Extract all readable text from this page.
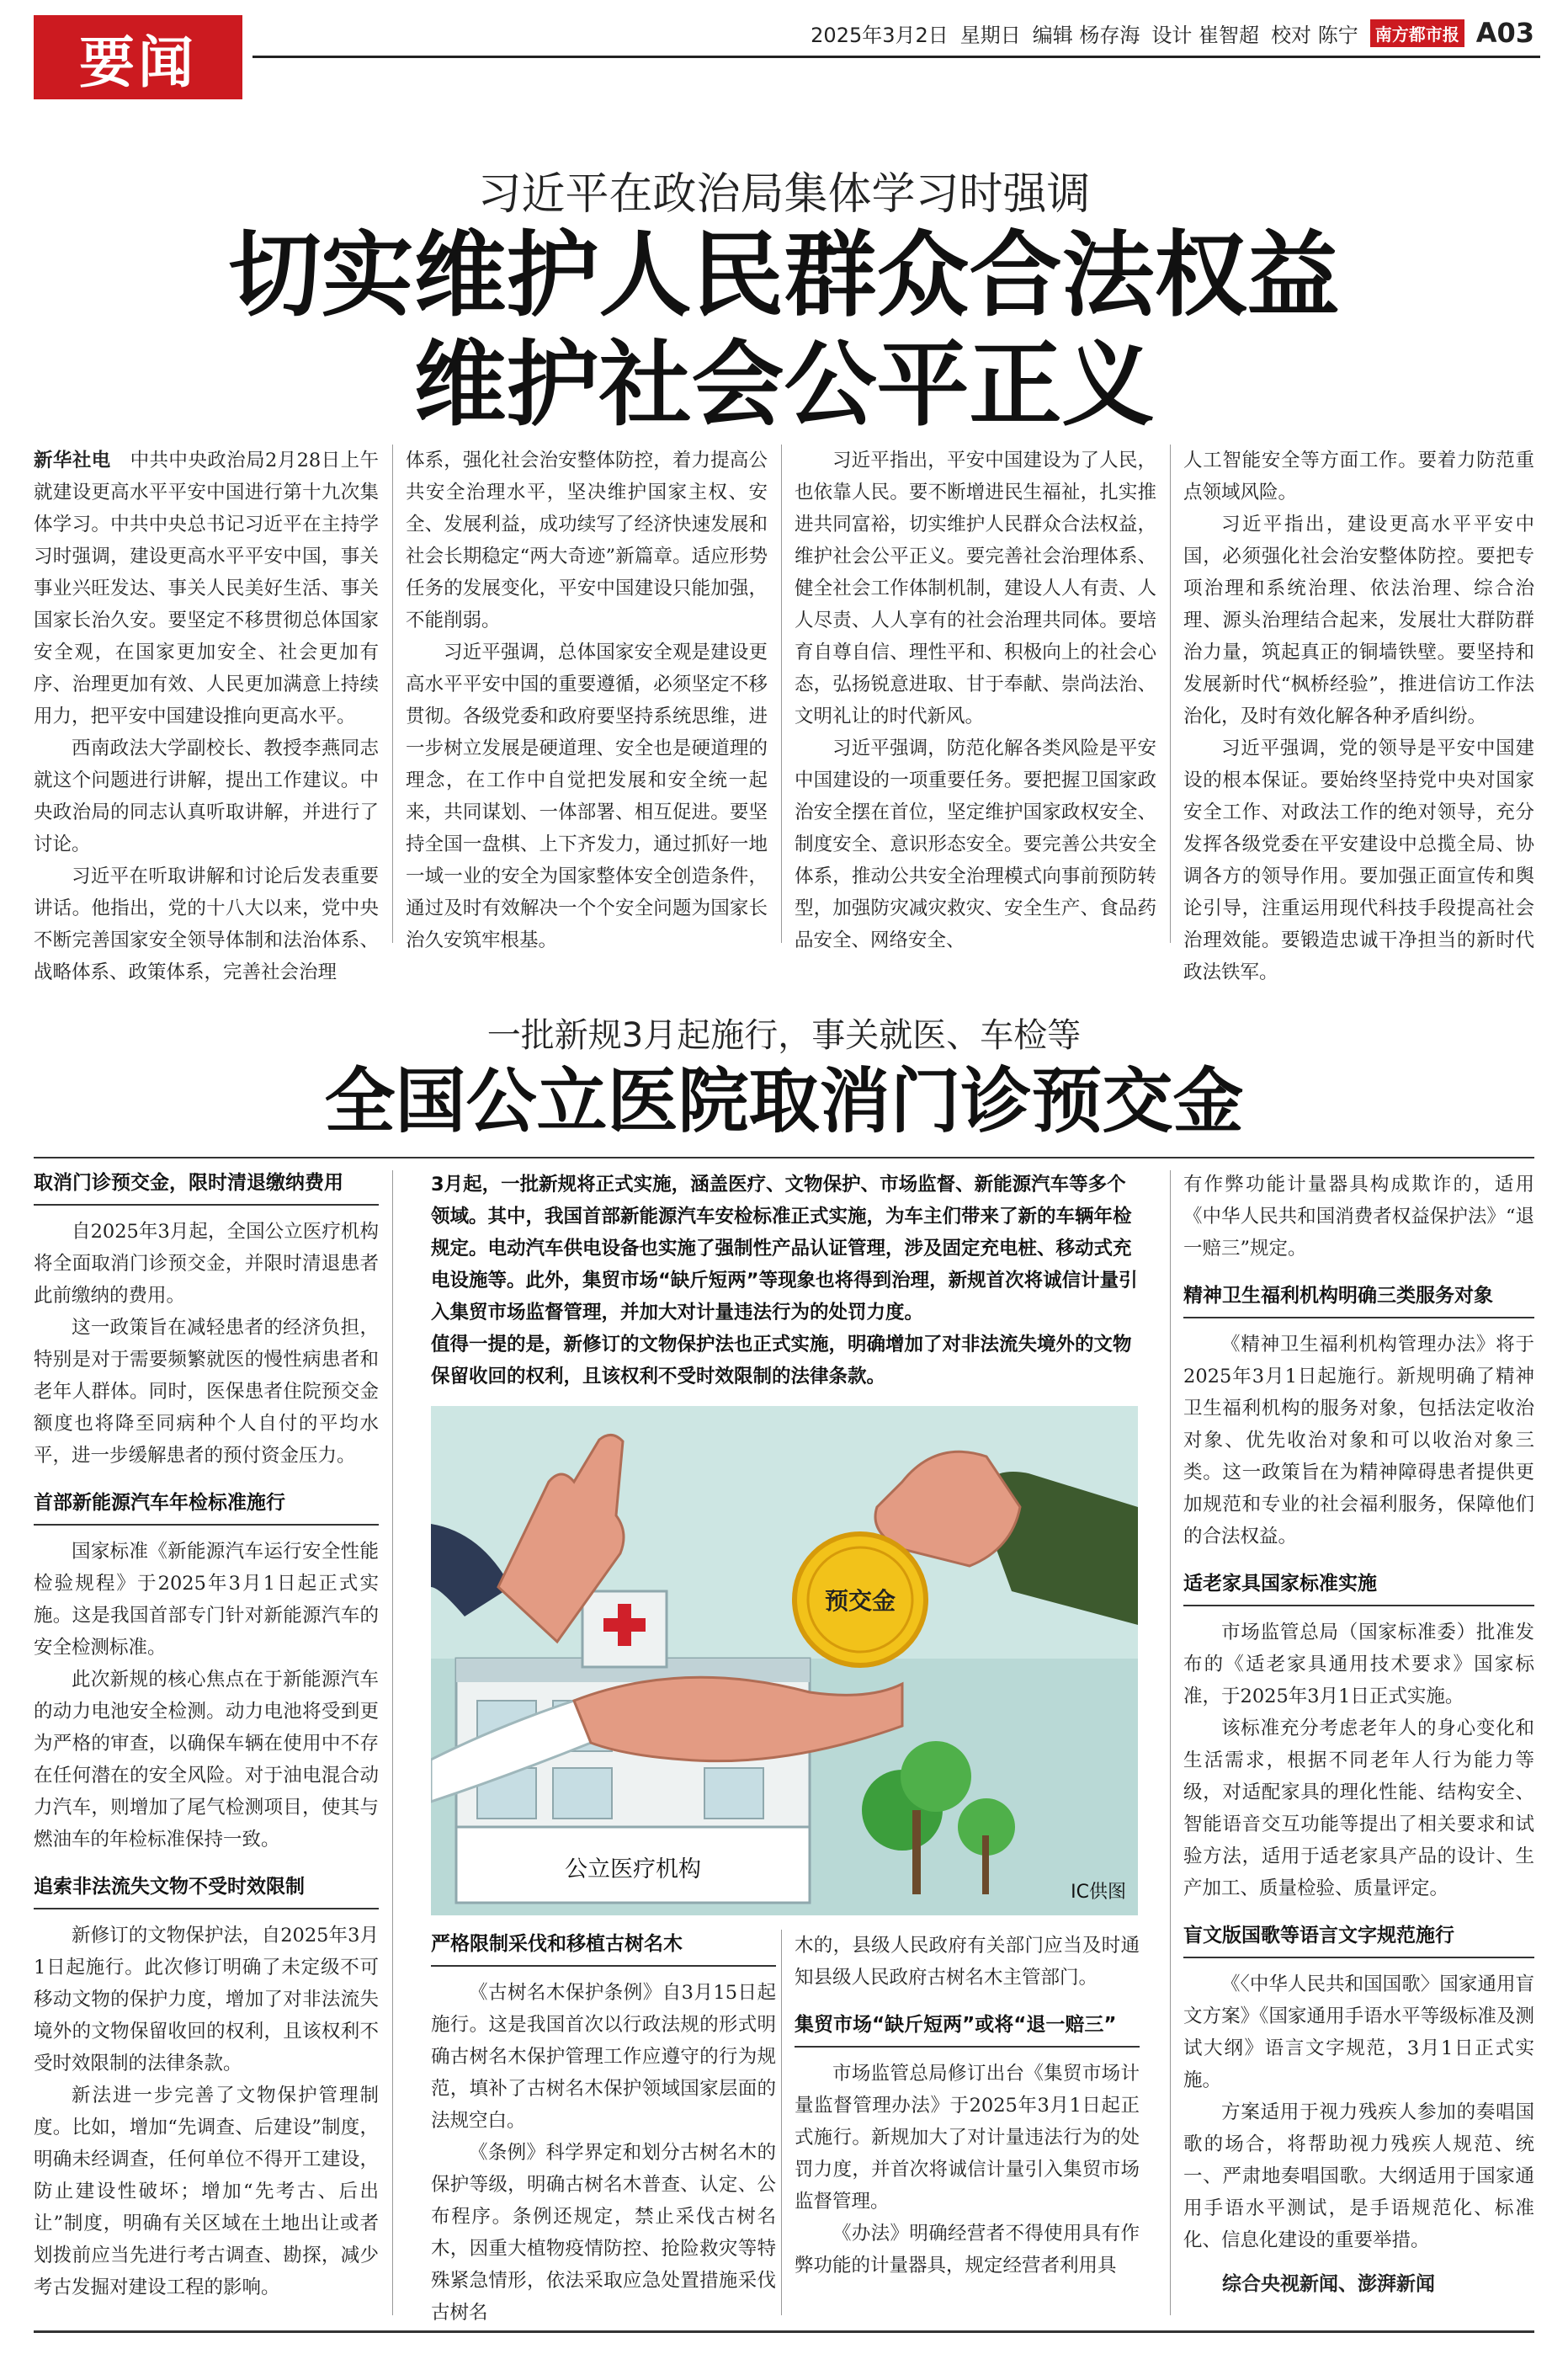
要闻	2025年3月2日 星期日 编辑 杨存海 设计 崔智超 校对 陈宁	南方都市报 A03
习近平在政治局集体学习时强调
切实维护人民群众合法权益
维护社会公平正义

新华社电　 中共中央政治局2月28日上午就建设更高水平平安中国进行第十九次集体学习。中共中央总书记习近平在主持学习时强调，建设更高水平平安中国，事关事业兴旺发达、事关人民美好生活、事关国家长治久安。要坚定不移贯彻总体国家安全观，在国家更加安全、社会更加有序、治理更加有效、人民更加满意上持续用力，把平安中国建设推向更高水平。

西南政法大学副校长、教授李燕同志就这个问题进行讲解，提出工作建议。中央政治局的同志认真听取讲解，并进行了讨论。

习近平在听取讲解和讨论后发表重要讲话。他指出，党的十八大以来，党中央不断完善国家安全领导体制和法治体系、战略体系、政策体系，完善社会治理

体系，强化社会治安整体防控，着力提高公共安全治理水平，坚决维护国家主权、安全、发展利益，成功续写了经济快速发展和社会长期稳定“两大奇迹”新篇章。适应形势任务的发展变化，平安中国建设只能加强，不能削弱。

习近平强调，总体国家安全观是建设更高水平平安中国的重要遵循，必须坚定不移贯彻。各级党委和政府要坚持系统思维，进一步树立发展是硬道理、安全也是硬道理的理念，在工作中自觉把发展和安全统一起来，共同谋划、一体部署、相互促进。要坚持全国一盘棋、上下齐发力，通过抓好一地一域一业的安全为国家整体安全创造条件，通过及时有效解决一个个安全问题为国家长治久安筑牢根基。

习近平指出，平安中国建设为了人民，也依靠人民。要不断增进民生福祉，扎实推进共同富裕，切实维护人民群众合法权益，维护社会公平正义。要完善社会治理体系、健全社会工作体制机制，建设人人有责、人人尽责、人人享有的社会治理共同体。要培育自尊自信、理性平和、积极向上的社会心态，弘扬锐意进取、甘于奉献、崇尚法治、文明礼让的时代新风。

习近平强调，防范化解各类风险是平安中国建设的一项重要任务。要把握卫国家政治安全摆在首位，坚定维护国家政权安全、制度安全、意识形态安全。要完善公共安全体系，推动公共安全治理模式向事前预防转型，加强防灾减灾救灾、安全生产、食品药品安全、网络安全、

人工智能安全等方面工作。要着力防范重点领域风险。

习近平指出，建设更高水平平安中国，必须强化社会治安整体防控。要把专项治理和系统治理、依法治理、综合治理、源头治理结合起来，发展壮大群防群治力量，筑起真正的铜墙铁壁。要坚持和发展新时代“枫桥经验”，推进信访工作法治化，及时有效化解各种矛盾纠纷。

习近平强调，党的领导是平安中国建设的根本保证。要始终坚持党中央对国家安全工作、对政法工作的绝对领导，充分发挥各级党委在平安建设中总揽全局、协调各方的领导作用。要加强正面宣传和舆论引导，注重运用现代科技手段提高社会治理效能。要锻造忠诚干净担当的新时代政法铁军。

一批新规3月起施行，事关就医、车检等
全国公立医院取消门诊预交金
取消门诊预交金，限时清退缴纳费用

自2025年3月起，全国公立医疗机构将全面取消门诊预交金，并限时清退患者此前缴纳的费用。

这一政策旨在减轻患者的经济负担，特别是对于需要频繁就医的慢性病患者和老年人群体。同时，医保患者住院预交金额度也将降至同病种个人自付的平均水平，进一步缓解患者的预付资金压力。

首部新能源汽车年检标准施行

国家标准《新能源汽车运行安全性能检验规程》于2025年3月1日起正式实施。这是我国首部专门针对新能源汽车的安全检测标准。

此次新规的核心焦点在于新能源汽车的动力电池安全检测。动力电池将受到更为严格的审查，以确保车辆在使用中不存在任何潜在的安全风险。对于油电混合动力汽车，则增加了尾气检测项目，使其与燃油车的年检标准保持一致。

追索非法流失文物不受时效限制

新修订的文物保护法，自2025年3月1日起施行。此次修订明确了未定级不可移动文物的保护力度，增加了对非法流失境外的文物保留收回的权利，且该权利不受时效限制的法律条款。

新法进一步完善了文物保护管理制度。比如，增加“先调查、后建设”制度，明确未经调查，任何单位不得开工建设，防止建设性破坏；增加“先考古、后出让”制度，明确有关区域在土地出让或者划拨前应当先进行考古调查、勘探，减少考古发掘对建设工程的影响。

3月起，一批新规将正式实施，涵盖医疗、文物保护、市场监督、新能源汽车等多个领域。其中，我国首部新能源汽车安检标准正式实施，为车主们带来了新的车辆年检规定。电动汽车供电设备也实施了强制性产品认证管理，涉及固定充电桩、移动式充电设施等。此外，集贸市场“缺斤短两”等现象也将得到治理，新规首次将诚信计量引入集贸市场监督管理，并加大对计量违法行为的处罚力度。

值得一提的是，新修订的文物保护法也正式实施，明确增加了对非法流失境外的文物保留收回的权利，且该权利不受时效限制的法律条款。

预交金
公立医疗机构
IC供图
严格限制采伐和移植古树名木

《古树名木保护条例》自3月15日起施行。这是我国首次以行政法规的形式明确古树名木保护管理工作应遵守的行为规范，填补了古树名木保护领域国家层面的法规空白。

《条例》科学界定和划分古树名木的保护等级，明确古树名木普查、认定、公布程序。条例还规定，禁止采伐古树名木，因重大植物疫情防控、抢险救灾等特殊紧急情形，依法采取应急处置措施采伐古树名

木的，县级人民政府有关部门应当及时通知县级人民政府古树名木主管部门。

集贸市场“缺斤短两”或将“退一赔三”

市场监管总局修订出台《集贸市场计量监督管理办法》于2025年3月1日起正式施行。新规加大了对计量违法行为的处罚力度，并首次将诚信计量引入集贸市场监督管理。

《办法》明确经营者不得使用具有作弊功能的计量器具，规定经营者利用具

有作弊功能计量器具构成欺诈的，适用《中华人民共和国消费者权益保护法》“退一赔三”规定。

精神卫生福利机构明确三类服务对象

《精神卫生福利机构管理办法》将于2025年3月1日起施行。新规明确了精神卫生福利机构的服务对象，包括法定收治对象、优先收治对象和可以收治对象三类。这一政策旨在为精神障碍患者提供更加规范和专业的社会福利服务，保障他们的合法权益。

适老家具国家标准实施

市场监管总局（国家标准委）批准发布的《适老家具通用技术要求》国家标准，于2025年3月1日正式实施。

该标准充分考虑老年人的身心变化和生活需求，根据不同老年人行为能力等级，对适配家具的理化性能、结构安全、智能语音交互功能等提出了相关要求和试验方法，适用于适老家具产品的设计、生产加工、质量检验、质量评定。

盲文版国歌等语言文字规范施行

《〈中华人民共和国国歌〉国家通用盲文方案》《国家通用手语水平等级标准及测试大纲》语言文字规范，3月1日正式实施。

方案适用于视力残疾人参加的奏唱国歌的场合，将帮助视力残疾人规范、统一、严肃地奏唱国歌。大纲适用于国家通用手语水平测试，是手语规范化、标准化、信息化建设的重要举措。

综合央视新闻、澎湃新闻
